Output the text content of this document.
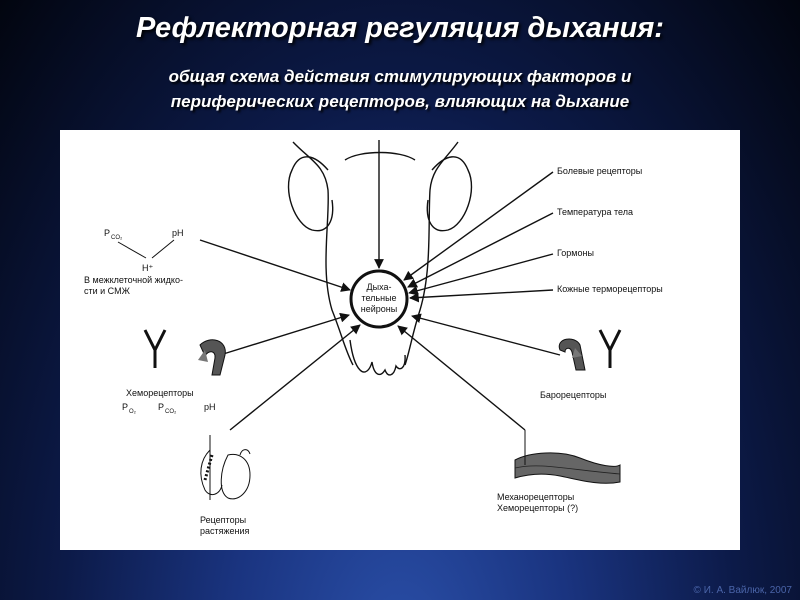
Рефлекторная регуляция дыхания:
общая схема действия стимулирующих факторов и
периферических рецепторов, влияющих на дыхание
Дыха-
тельные
нейроны
Болевые рецепторы
Температура тела
Гормоны
Кожные терморецепторы
P CO₂	pH
H⁺
В межклеточной жидко-
сти и СМЖ
Хеморецепторы
P O₂ P CO₂	pH
Барорецепторы
Рецепторы
растяжения
Механорецепторы
Хеморецепторы (?)
© И. А. Вайлюк, 2007
